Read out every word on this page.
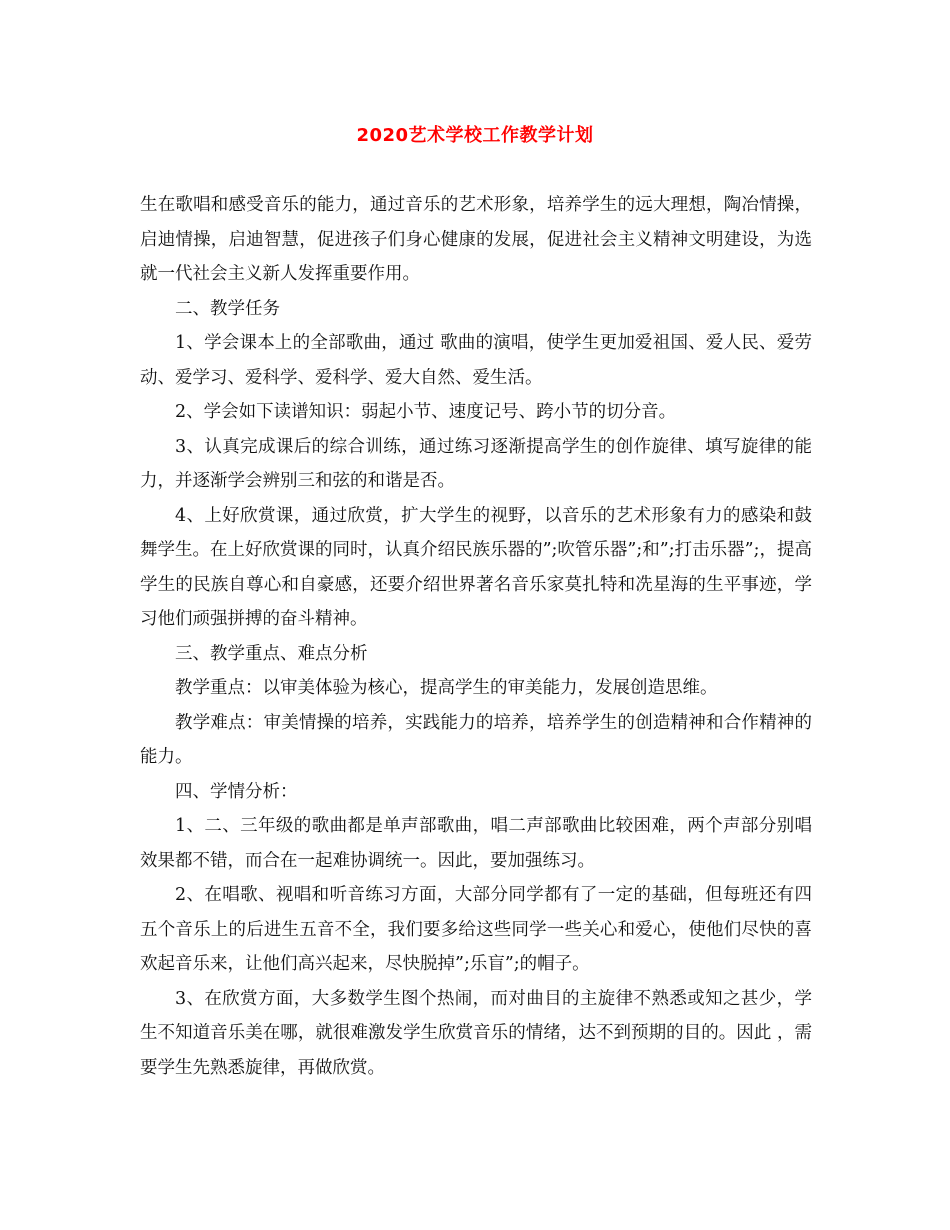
2020艺术学校工作教学计划

生在歌唱和感受音乐的能力，通过音乐的艺术形象，培养学生的远大理想，陶冶情操，启迪情操，启迪智慧，促进孩子们身心健康的发展，促进社会主义精神文明建设，为选就一代社会主义新人发挥重要作用。

二、教学任务

1、学会课本上的全部歌曲，通过 歌曲的演唱，使学生更加爱祖国、爱人民、爱劳动、爱学习、爱科学、爱科学、爱大自然、爱生活。

2、学会如下读谱知识：弱起小节、速度记号、跨小节的切分音。

3、认真完成课后的综合训练，通过练习逐渐提高学生的创作旋律、填写旋律的能力，并逐渐学会辨别三和弦的和谐是否。

4、上好欣赏课，通过欣赏，扩大学生的视野，以音乐的艺术形象有力的感染和鼓舞学生。在上好欣赏课的同时，认真介绍民族乐器的”;吹管乐器”;和”;打击乐器”;，提高学生的民族自尊心和自豪感，还要介绍世界著名音乐家莫扎特和冼星海的生平事迹，学习他们顽强拼搏的奋斗精神。

三、教学重点、难点分析

教学重点：以审美体验为核心，提高学生的审美能力，发展创造思维。

教学难点：审美情操的培养，实践能力的培养，培养学生的创造精神和合作精神的能力。

四、学情分析：

1、二、三年级的歌曲都是单声部歌曲，唱二声部歌曲比较困难，两个声部分别唱效果都不错，而合在一起难协调统一。因此，要加强练习。

2、在唱歌、视唱和听音练习方面，大部分同学都有了一定的基础，但每班还有四五个音乐上的后进生五音不全，我们要多给这些同学一些关心和爱心，使他们尽快的喜欢起音乐来，让他们高兴起来，尽快脱掉”;乐盲”;的帽子。

3、在欣赏方面，大多数学生图个热闹，而对曲目的主旋律不熟悉或知之甚少，学生不知道音乐美在哪，就很难激发学生欣赏音乐的情绪，达不到预期的目的。因此 ，需要学生先熟悉旋律，再做欣赏。
